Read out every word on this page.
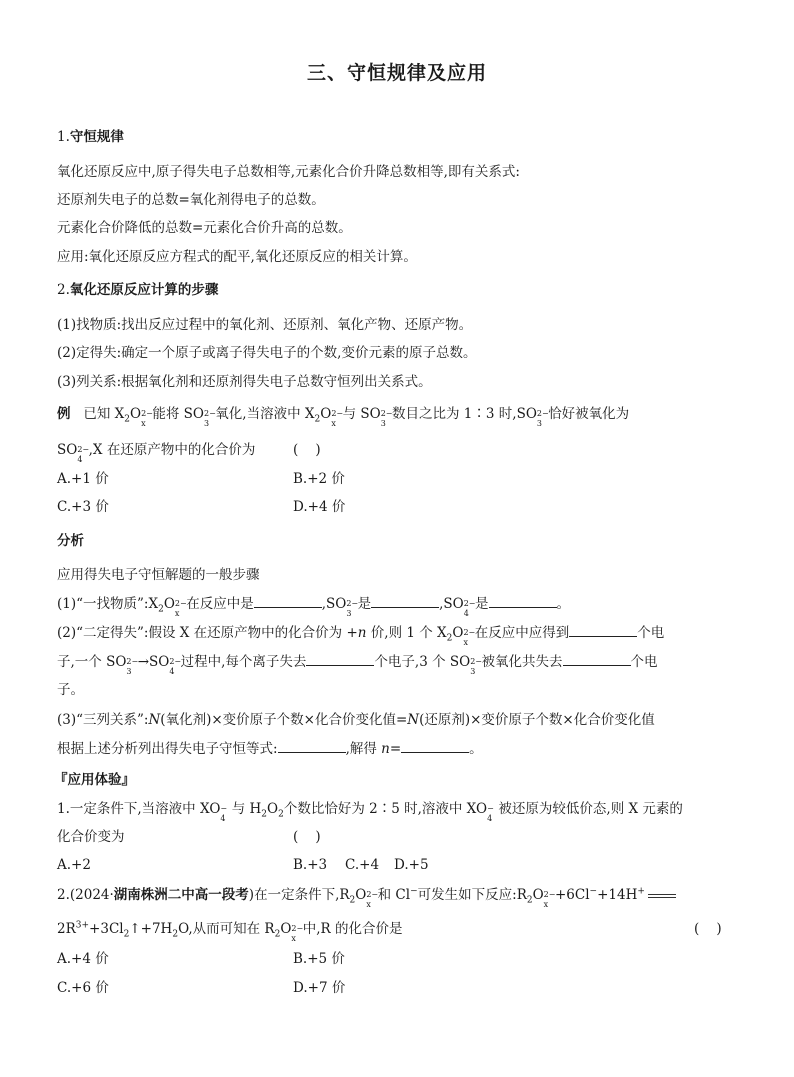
三、守恒规律及应用
1.守恒规律
氧化还原反应中,原子得失电子总数相等,元素化合价升降总数相等,即有关系式:
还原剂失电子的总数=氧化剂得电子的总数。
元素化合价降低的总数=元素化合价升高的总数。
应用:氧化还原反应方程式的配平,氧化还原反应的相关计算。
2.氧化还原反应计算的步骤
(1)找物质:找出反应过程中的氧化剂、还原剂、氧化产物、还原产物。
(2)定得失:确定一个原子或离子得失电子的个数,变价元素的原子总数。
(3)列关系:根据氧化剂和还原剂得失电子总数守恒列出关系式。
例 已知 $X_2O$ 2−
x
能将 SO 2−
3
氧化,当溶液中 $X_2O$ 2−
x
与 SO 2−
3
数目之比为 1∶3 时,SO 2−
3
恰好被氧化为
SO 2−
4
,X 在还原产物中的化合价为	(    )
A.+1 价	B.+2 价
C.+3 价	D.+4 价
分析
应用得失电子守恒解题的一般步骤
(1)“一找物质$”:X_2O$ 2−
x
在反应中是	,SO 2−
3
是	,SO 2−
4
是	。
(2)“二定得失”:假设 X 在还原产物中的化合价为 +n 价,则 1 个 $X_2O$ 2−
x
在反应中应得到	个电
子,一个 SO 2−
3
→SO 2−
4
过程中,每个离子失去	个电子,3 个 SO 2−
3
被氧化共失去	个电
子。
(3)“三列关系”:N(氧化剂)×变价原子个数×化合价变化值=N(还原剂)×变价原子个数×化合价变化值
根据上述分析列出得失电子守恒等式:	,解得 n=	。
『应用体验』
1.一定条件下,当溶液中 XO −
4
与 $H_2O_2$个数比恰好为 2∶5 时,溶液中 XO −
4
被还原为较低价态,则 X 元素的
化合价变为	(    )
A.+2	B.+3 C.+4 D.+5
2.(2024·湖南株洲二中高一段考)在一定条件下$,R_2O$ 2−
x
和 Cl−可发生如下反应$:R_2O$ 2−
x
+6Cl−+14H+
$2R^{3+}+3Cl_2↑+7H_2O$,从而可知在 $R_2O$ 2−
x
中,R 的化合价是	(    )
A.+4 价	B.+5 价
C.+6 价	D.+7 价
